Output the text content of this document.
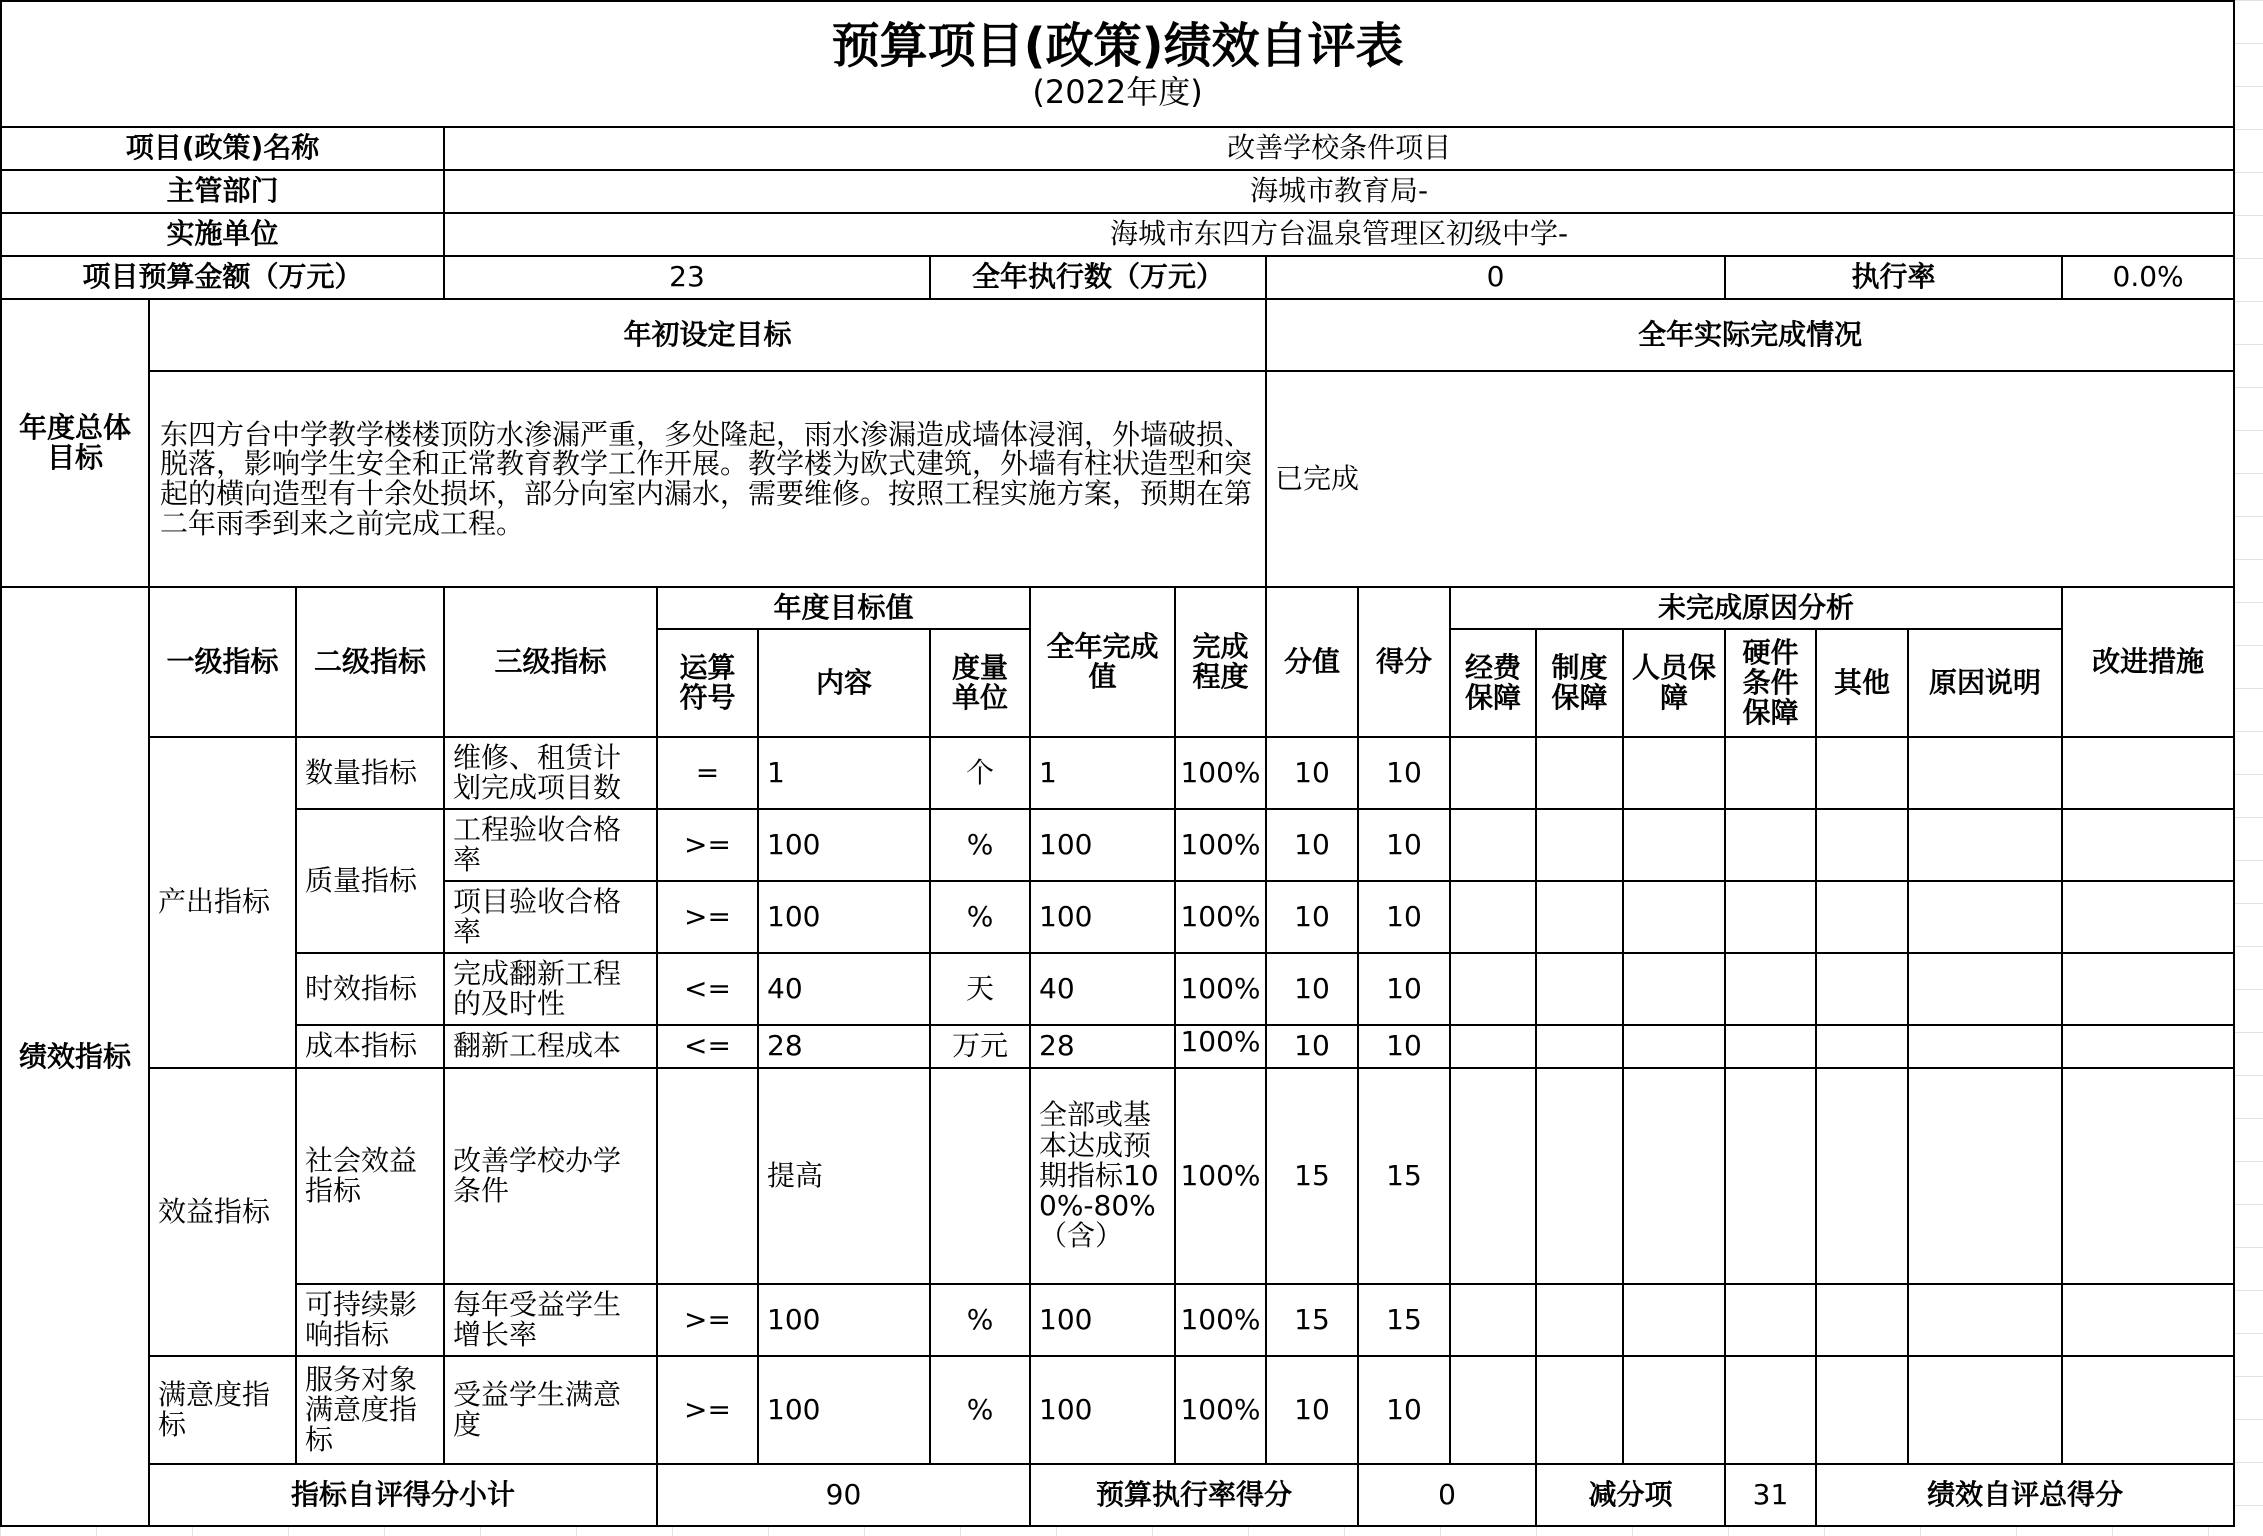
预算项目(政策)绩效自评表
(2022年度)																		

项目(政策)名称			改善学校条件项目															
主管部门			海城市教育局-															
实施单位			海城市东四方台温泉管理区初级中学-															
项目预算金额（万元）			23			全年执行数（万元）			0					执行率			0.0%	
年度总体目标	年初设定目标								全年实际完成情况									
	东四方台中学教学楼楼顶防水渗漏严重，多处隆起，雨水渗漏造成墙体浸润，外墙破损、脱落，影响学生安全和正常教育教学工作开展。教学楼为欧式建筑，外墙有柱状造型和突起的横向造型有十余处损坏，部分向室内漏水，需要维修。按照工程实施方案，预期在第二年雨季到来之前完成工程。								已完成									
绩效指标	一级指标	二级指标	三级指标	年度目标值			全年完成值	完成程度	分值	得分	未完成原因分析						改进措施	
				运算符号	内容	度量单位					经费保障	制度保障	人员保障	硬件条件保障	其他	原因说明		
	产出指标	数量指标	维修、租赁计划完成项目数	=	1	个	1	100%	10	10								
		质量指标	工程验收合格率	>=	100	%	100	100%	10	10								
			项目验收合格率	>=	100	%	100	100%	10	10								
		时效指标	完成翻新工程的及时性	<=	40	天	40	100%	10	10								
		成本指标	翻新工程成本	<=	28	万元	28	100%	10	10								
	效益指标	社会效益指标	改善学校办学条件		提高		全部或基本达成预期指标100%-80%（含）	100%	15	15								
		可持续影响指标	每年受益学生增长率	>=	100	%	100	100%	15	15								
	满意度指标	服务对象满意度指标	受益学生满意度	>=	100	%	100	100%	10	10								
	指标自评得分小计			90			预算执行率得分			0		减分项		31	绩效自评总得分	
